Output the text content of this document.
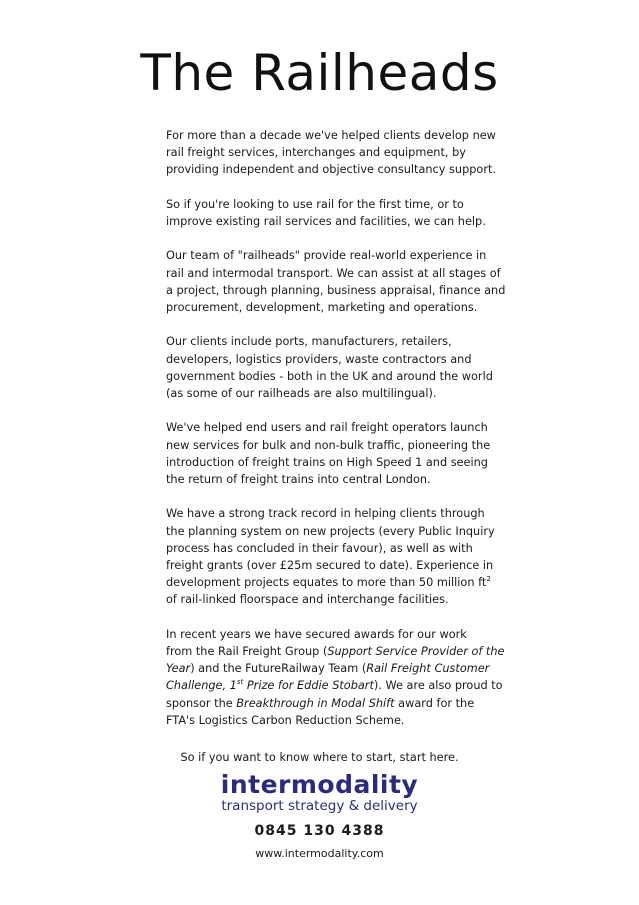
The Railheads

For more than a decade we've helped clients develop new
rail freight services, interchanges and equipment, by
providing independent and objective consultancy support.

So if you're looking to use rail for the first time, or to
improve existing rail services and facilities, we can help.

Our team of "railheads" provide real-world experience in
rail and intermodal transport. We can assist at all stages of
a project, through planning, business appraisal, finance and
procurement, development, marketing and operations.

Our clients include ports, manufacturers, retailers,
developers, logistics providers, waste contractors and
government bodies - both in the UK and around the world
(as some of our railheads are also multilingual).

We've helped end users and rail freight operators launch
new services for bulk and non-bulk traffic, pioneering the
introduction of freight trains on High Speed 1 and seeing
the return of freight trains into central London.

We have a strong track record in helping clients through
the planning system on new projects (every Public Inquiry
process has concluded in their favour), as well as with
freight grants (over £25m secured to date). Experience in
development projects equates to more than 50 million $ft^2$
of rail-linked floorspace and interchange facilities.

In recent years we have secured awards for our work
from the Rail Freight Group (Support Service Provider of the
Year) and the FutureRailway Team (Rail Freight Customer
Challenge, 1st Prize for Eddie Stobart). We are also proud to
sponsor the Breakthrough in Modal Shift award for the
FTA's Logistics Carbon Reduction Scheme.

So if you want to know where to start, start here.
intermodality
transport strategy & delivery
0845 130 4388
www.intermodality.com
